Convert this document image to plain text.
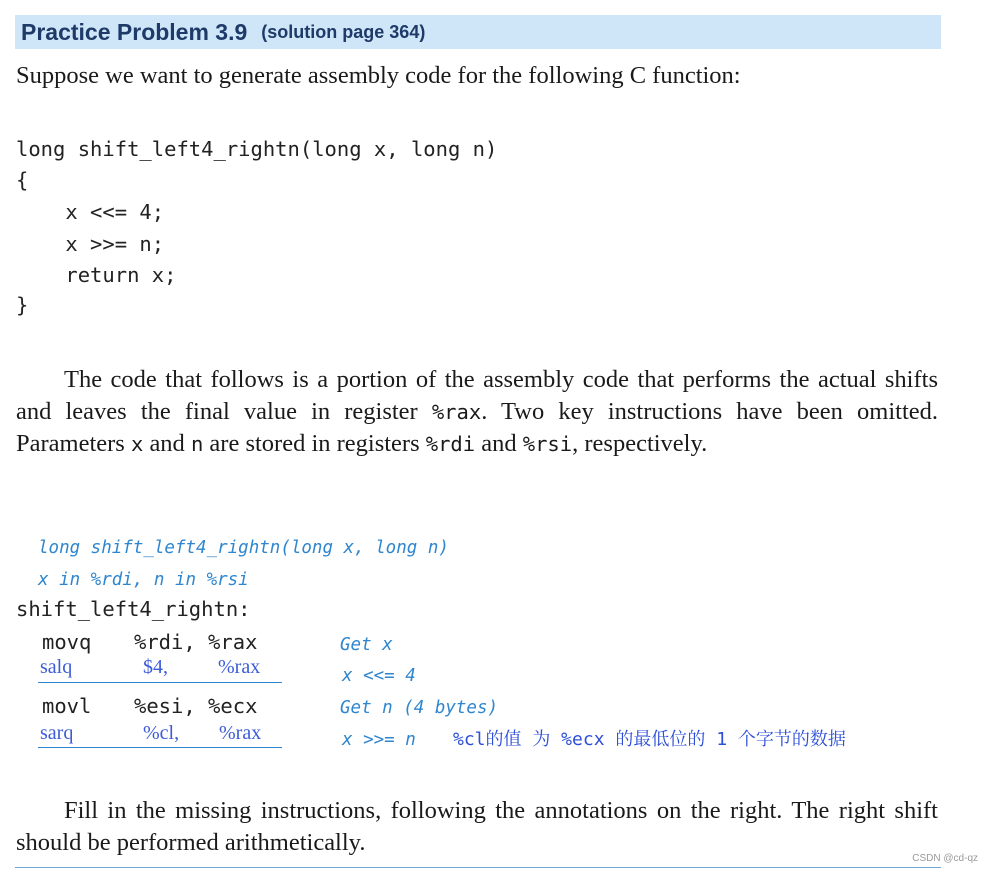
Practice Problem 3.9 (solution page 364)
Suppose we want to generate assembly code for the following C function:
long shift_left4_rightn(long x, long n)
{
x <<= 4;
x >>= n;
return x;
}
The code that follows is a portion of the assembly code that performs the actual shifts and leaves the final value in register %rax. Two key instructions have been omitted. Parameters x and n are stored in registers %rdi and %rsi, respectively.
long shift_left4_rightn(long x, long n)
x in %rdi, n in %rsi
shift_left4_rightn:
movq %rdi, %rax	Get x
salq	$4,	%rax	x <<= 4
movl %esi, %ecx	Get n (4 bytes)
sarq	%cl, %rax	x >>= n %cl的值 为 %ecx 的最低位的 1 个字节的数据
Fill in the missing instructions, following the annotations on the right. The right shift should be performed arithmetically.
CSDN @cd-qz
